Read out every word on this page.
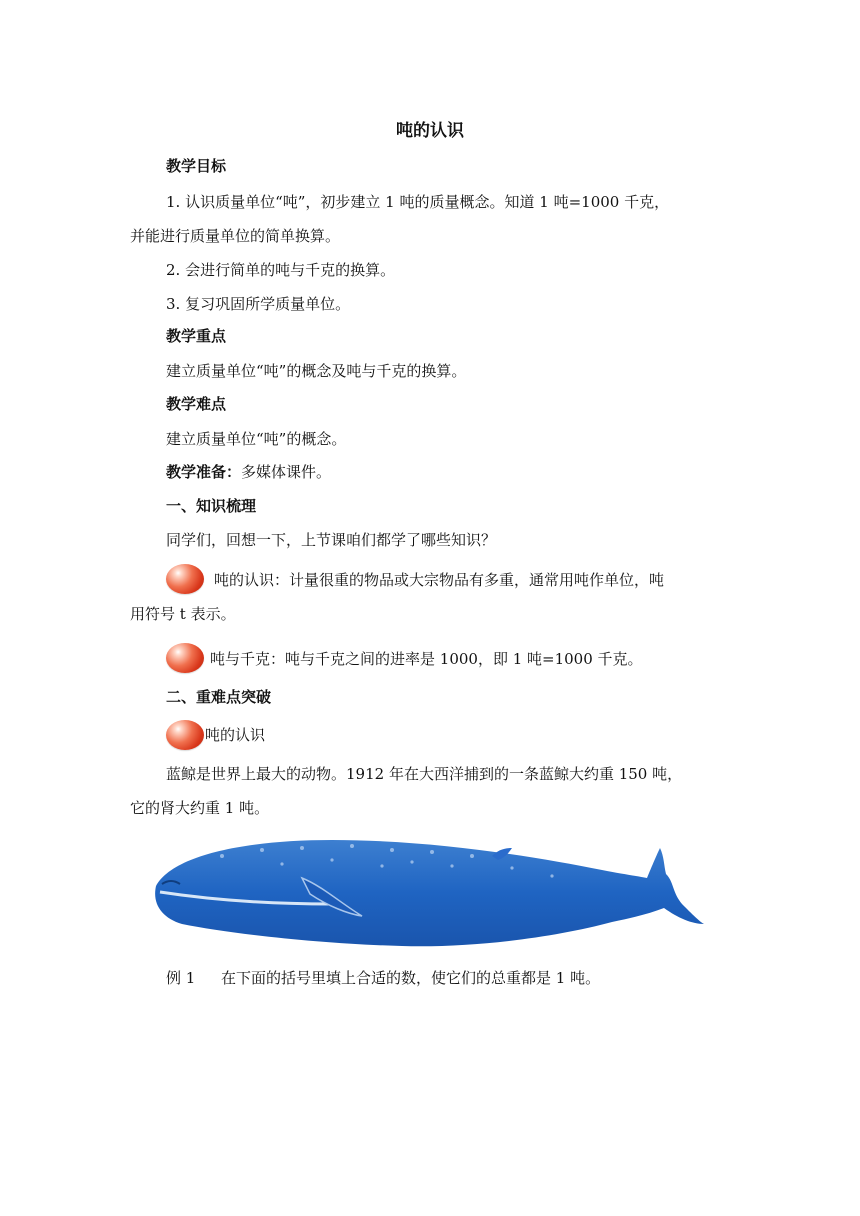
吨的认识
教学目标
1. 认识质量单位“吨”，初步建立 1 吨的质量概念。知道 1 吨=1000 千克，
并能进行质量单位的简单换算。
2. 会进行简单的吨与千克的换算。
3. 复习巩固所学质量单位。
教学重点
建立质量单位“吨”的概念及吨与千克的换算。
教学难点
建立质量单位“吨”的概念。
教学准备：多媒体课件。
一、知识梳理
同学们，回想一下，上节课咱们都学了哪些知识？
吨的认识：计量很重的物品或大宗物品有多重，通常用吨作单位，吨
用符号 t 表示。
吨与千克：吨与千克之间的进率是 1000，即 1 吨=1000 千克。
二、重难点突破
吨的认识
蓝鲸是世界上最大的动物。1912 年在大西洋捕到的一条蓝鲸大约重 150 吨，
它的肾大约重 1 吨。
例 1 在下面的括号里填上合适的数，使它们的总重都是 1 吨。
